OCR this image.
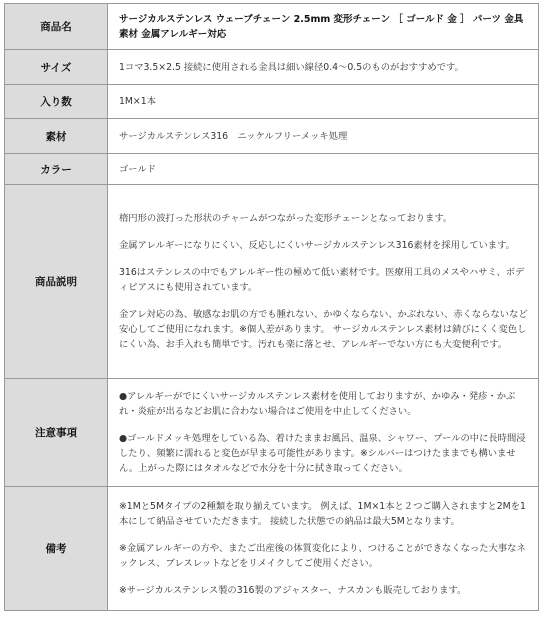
商品名	サージカルステンレス ウェーブチェーン 2.5mm 変形チェーン ［ ゴールド 金 ］ パーツ 金具 素材 金属アレルギー対応

サイズ	1コマ3.5×2.5 接続に使用される金具は細い線径0.4～0.5のものがおすすめです。

入り数	1M×1本

素材	サージカルステンレス316　ニッケルフリーメッキ処理

カラー	ゴールド

商品説明	楕円形の波打った形状のチャームがつながった変形チェーンとなっております。
金属アレルギーになりにくい、反応しにくいサージカルステンレス316素材を採用しています。
316はステンレスの中でもアレルギー性の極めて低い素材です。医療用工具のメスやハサミ、ボディピアスにも使用されています。
金アレ対応の為、敏感なお肌の方でも腫れない、かゆくならない、かぶれない、赤くならないなど安心してご使用になれます。※個人差があります。 サージカルステンレス素材は錆びにくく変色しにくい為、お手入れも簡単です。汚れも楽に落とせ、アレルギーでない方にも大変便利です。

注意事項	●アレルギーがでにくいサージカルステンレス素材を使用しておりますが、かゆみ・発疹・かぶれ・炎症が出るなどお肌に合わない場合はご使用を中止してください。
●ゴールドメッキ処理をしている為、着けたままお風呂、温泉、シャワー、プールの中に長時間浸したり、頻繁に濡れると変色が早まる可能性があります。※シルバーはつけたままでも構いません。上がった際にはタオルなどで水分を十分に拭き取ってください。

備考	※1Mと5Mタイプの2種類を取り揃えています。 例えば、1M×1本と２つご購入されますと2Mを1本にして納品させていただきます。 接続した状態での納品は最大5Mとなります。
※金属アレルギーの方や、またご出産後の体質変化により、つけることができなくなった大事なネックレス、ブレスレットなどをリメイクしてご使用ください。
※サージカルステンレス製の316製のアジャスター、ナスカンも販売しております。
